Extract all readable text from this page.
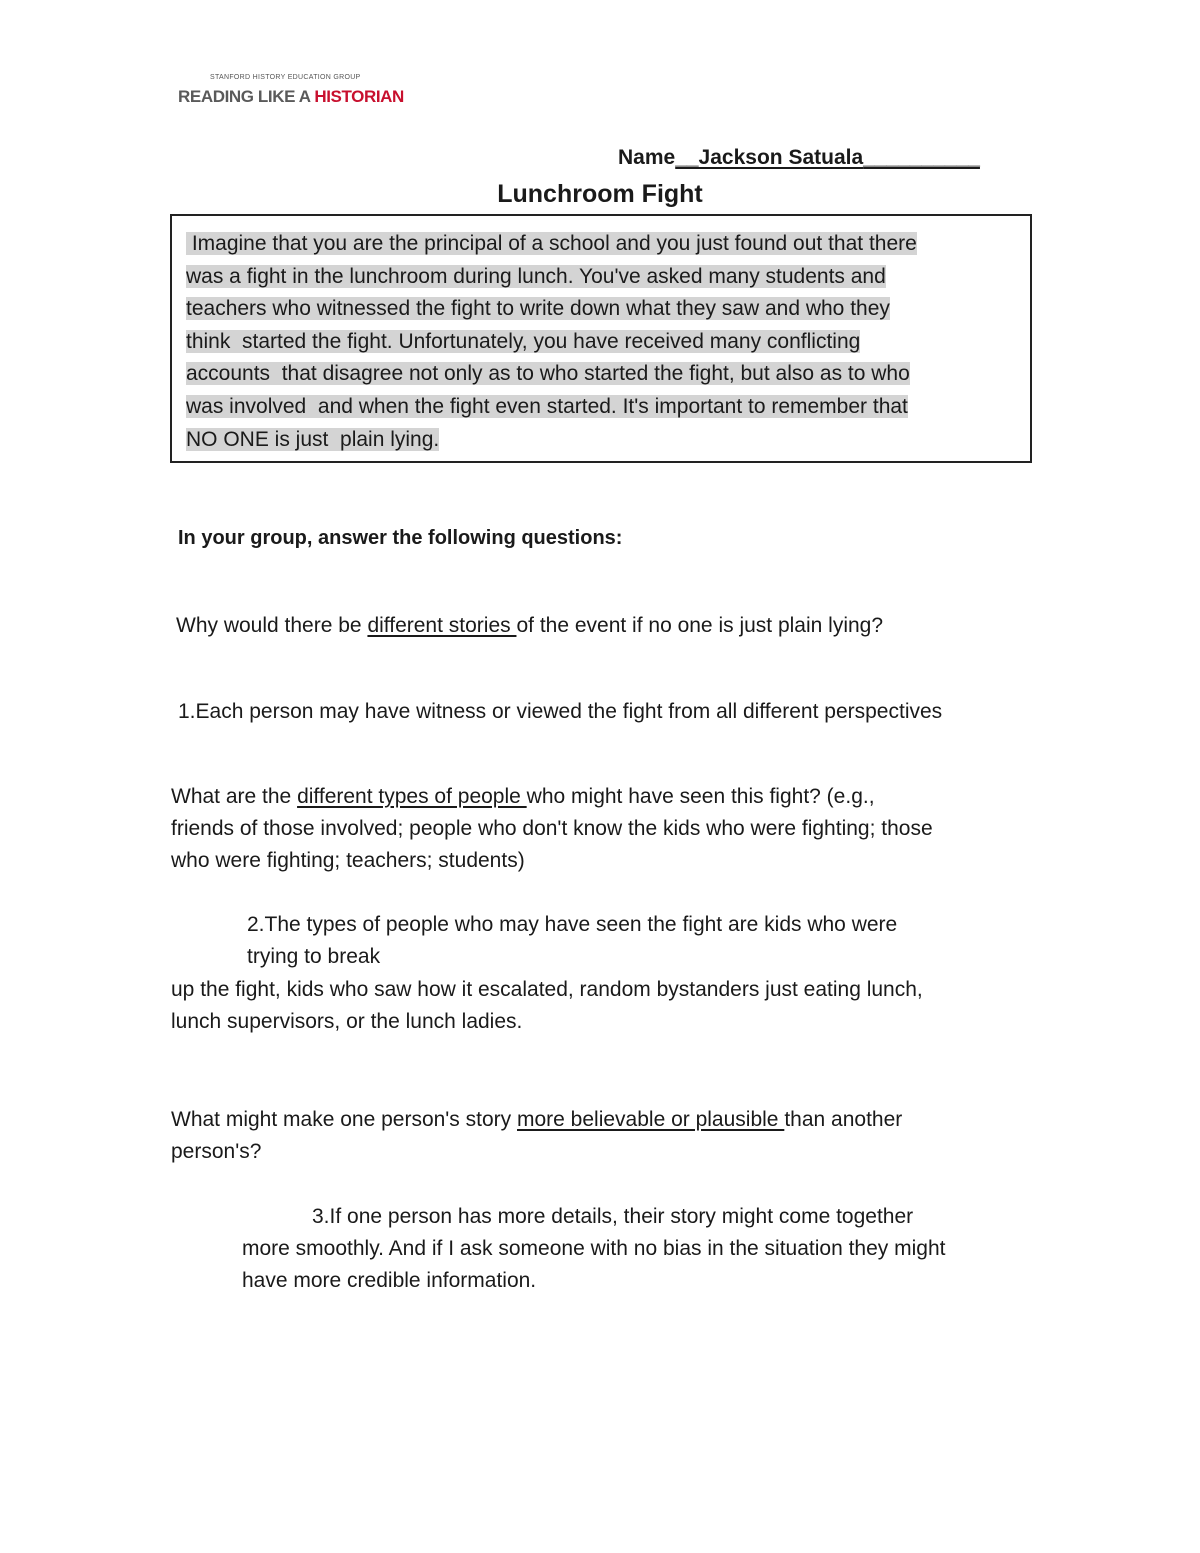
STANFORD HISTORY EDUCATION GROUP
READING LIKE A HISTORIAN
Name__Jackson Satuala__________
Lunchroom Fight
Imagine that you are the principal of a school and you just found out that there
was a fight in the lunchroom during lunch. You've asked many students and
teachers who witnessed the fight to write down what they saw and who they
think  started the fight. Unfortunately, you have received many conflicting
accounts  that disagree not only as to who started the fight, but also as to who
was involved  and when the fight even started. It's important to remember that
NO ONE is just  plain lying.
In your group, answer the following questions:
Why would there be different stories of the event if no one is just plain lying?
1.Each person may have witness or viewed the fight from all different perspectives
What are the different types of people who might have seen this fight? (e.g.,
friends of those involved; people who don't know the kids who were fighting; those
who were fighting; teachers; students)
2.The types of people who may have seen the fight are kids who were
trying to break
up the fight, kids who saw how it escalated, random bystanders just eating lunch,
lunch supervisors, or the lunch ladies.
What might make one person's story more believable or plausible than another
person's?
3.If one person has more details, their story might come together
more smoothly. And if I ask someone with no bias in the situation they might
have more credible information.
